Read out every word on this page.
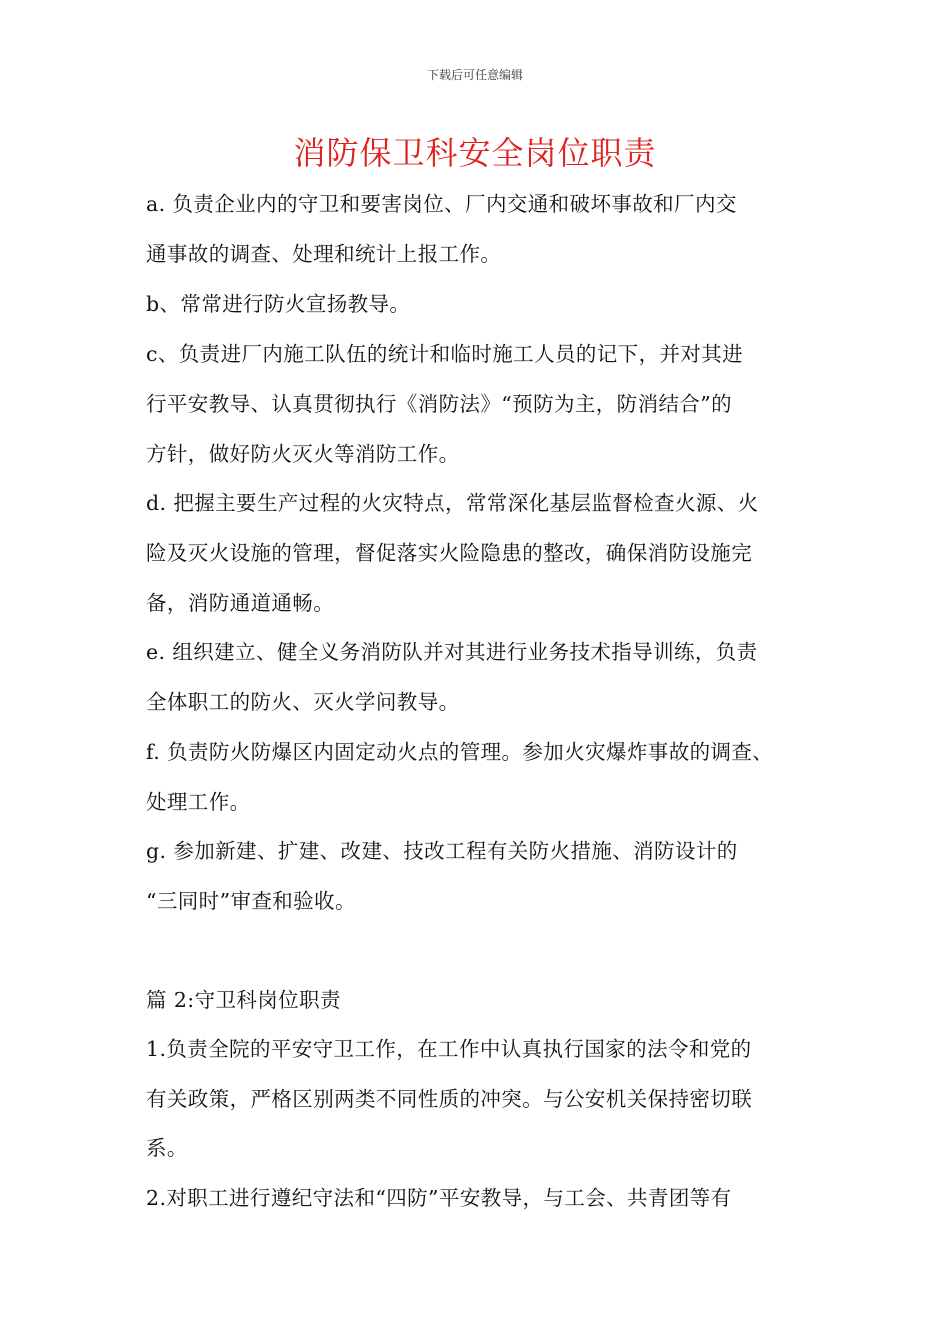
下载后可任意编辑
消防保卫科安全岗位职责
a. 负责企业内的守卫和要害岗位、厂内交通和破坏事故和厂内交
通事故的调查、处理和统计上报工作。
b、常常进行防火宣扬教导。
c、负责进厂内施工队伍的统计和临时施工人员的记下，并对其进
行平安教导、认真贯彻执行《消防法》“预防为主，防消结合”的
方针，做好防火灭火等消防工作。
d. 把握主要生产过程的火灾特点，常常深化基层监督检查火源、火
险及灭火设施的管理，督促落实火险隐患的整改，确保消防设施完
备，消防通道通畅。
e. 组织建立、健全义务消防队并对其进行业务技术指导训练，负责
全体职工的防火、灭火学问教导。
f. 负责防火防爆区内固定动火点的管理。参加火灾爆炸事故的调查、
处理工作。
g. 参加新建、扩建、改建、技改工程有关防火措施、消防设计的
“三同时”审查和验收。
篇 2:守卫科岗位职责
1.负责全院的平安守卫工作，在工作中认真执行国家的法令和党的
有关政策，严格区别两类不同性质的冲突。与公安机关保持密切联
系。
2.对职工进行遵纪守法和“四防”平安教导，与工会、共青团等有
